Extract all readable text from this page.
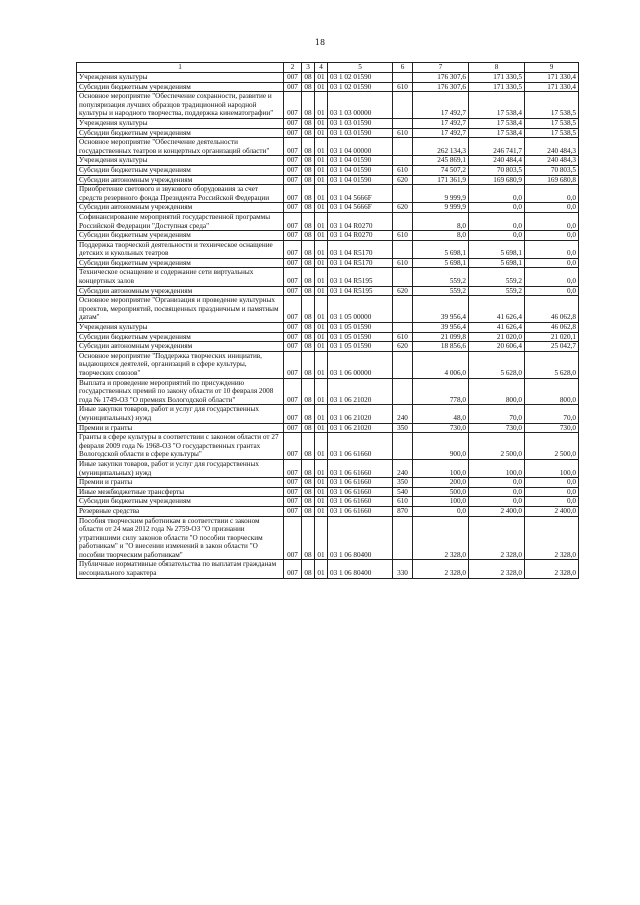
18
1	2	3	4	5	6	7	8	9
Учреждения культуры	007	08	01	03 1 02 01590		176 307,6	171 330,5	171 330,4
Субсидии бюджетным учреждениям	007	08	01	03 1 02 01590	610	176 307,6	171 330,5	171 330,4
Основное мероприятие "Обеспечение сохранности, развитие и популяризация лучших образцов традиционной народной культуры и народного творчества, поддержка кинематографии"	007	08	01	03 1 03 00000		17 492,7	17 538,4	17 538,5
Учреждения культуры	007	08	01	03 1 03 01590		17 492,7	17 538,4	17 538,5
Субсидии бюджетным учреждениям	007	08	01	03 1 03 01590	610	17 492,7	17 538,4	17 538,5
Основное мероприятие "Обеспечение деятельности государственных театров и концертных организаций области"	007	08	01	03 1 04 00000		262 134,3	246 741,7	240 484,3
Учреждения культуры	007	08	01	03 1 04 01590		245 869,1	240 484,4	240 484,3
Субсидии бюджетным учреждениям	007	08	01	03 1 04 01590	610	74 507,2	70 803,5	70 803,5
Субсидии автономным учреждениям	007	08	01	03 1 04 01590	620	171 361,9	169 680,9	169 680,8
Приобретение светового и звукового оборудования за счет средств резервного фонда Президента Российской Федерации	007	08	01	03 1 04 5666F		9 999,9	0,0	0,0
Субсидии автономным учреждениям	007	08	01	03 1 04 5666F	620	9 999,9	0,0	0,0
Софинансирование мероприятий государственной программы Российской Федерации "Доступная среда"	007	08	01	03 1 04 R0270		8,0	0,0	0,0
Субсидии бюджетным учреждениям	007	08	01	03 1 04 R0270	610	8,0	0,0	0,0
Поддержка творческой деятельности и техническое оснащение детских и кукольных театров	007	08	01	03 1 04 R5170		5 698,1	5 698,1	0,0
Субсидии бюджетным учреждениям	007	08	01	03 1 04 R5170	610	5 698,1	5 698,1	0,0
Техническое оснащение и содержание сети виртуальных концертных залов	007	08	01	03 1 04 R5195		559,2	559,2	0,0
Субсидии автономным учреждениям	007	08	01	03 1 04 R5195	620	559,2	559,2	0,0
Основное мероприятие "Организация и проведение культурных проектов, мероприятий, посвященных праздничным и памятным датам"	007	08	01	03 1 05 00000		39 956,4	41 626,4	46 062,8
Учреждения культуры	007	08	01	03 1 05 01590		39 956,4	41 626,4	46 062,8
Субсидии бюджетным учреждениям	007	08	01	03 1 05 01590	610	21 099,8	21 020,0	21 020,1
Субсидии автономным учреждениям	007	08	01	03 1 05 01590	620	18 856,6	20 606,4	25 042,7
Основное мероприятие "Поддержка творческих инициатив, выдающихся деятелей, организаций в сфере культуры, творческих союзов"	007	08	01	03 1 06 00000		4 006,0	5 628,0	5 628,0
Выплата и проведение мероприятий по присуждению государственных премий по закону области от 10 февраля 2008 года № 1749-ОЗ "О премиях Вологодской области"	007	08	01	03 1 06 21020		778,0	800,0	800,0
Иные закупки товаров, работ и услуг для государственных (муниципальных) нужд	007	08	01	03 1 06 21020	240	48,0	70,0	70,0
Премии и гранты	007	08	01	03 1 06 21020	350	730,0	730,0	730,0
Гранты в сфере культуры в соответствии с законом области от 27 февраля 2009 года № 1968-ОЗ "О государственных грантах Вологодской области в сфере культуры"	007	08	01	03 1 06 61660		900,0	2 500,0	2 500,0
Иные закупки товаров, работ и услуг для государственных (муниципальных) нужд	007	08	01	03 1 06 61660	240	100,0	100,0	100,0
Премии и гранты	007	08	01	03 1 06 61660	350	200,0	0,0	0,0
Иные межбюджетные трансферты	007	08	01	03 1 06 61660	540	500,0	0,0	0,0
Субсидии бюджетным учреждениям	007	08	01	03 1 06 61660	610	100,0	0,0	0,0
Резервные средства	007	08	01	03 1 06 61660	870	0,0	2 400,0	2 400,0
Пособия творческим работникам в соответствии с законом области от 24 мая 2012 года № 2759-ОЗ "О признании утратившими силу законов области "О пособии творческим работникам" и "О внесении изменений в закон области "О пособии творческим работникам"	007	08	01	03 1 06 80400		2 328,0	2 328,0	2 328,0
Публичные нормативные обязательства по выплатам гражданам несоциального характера	007	08	01	03 1 06 80400	330	2 328,0	2 328,0	2 328,0
